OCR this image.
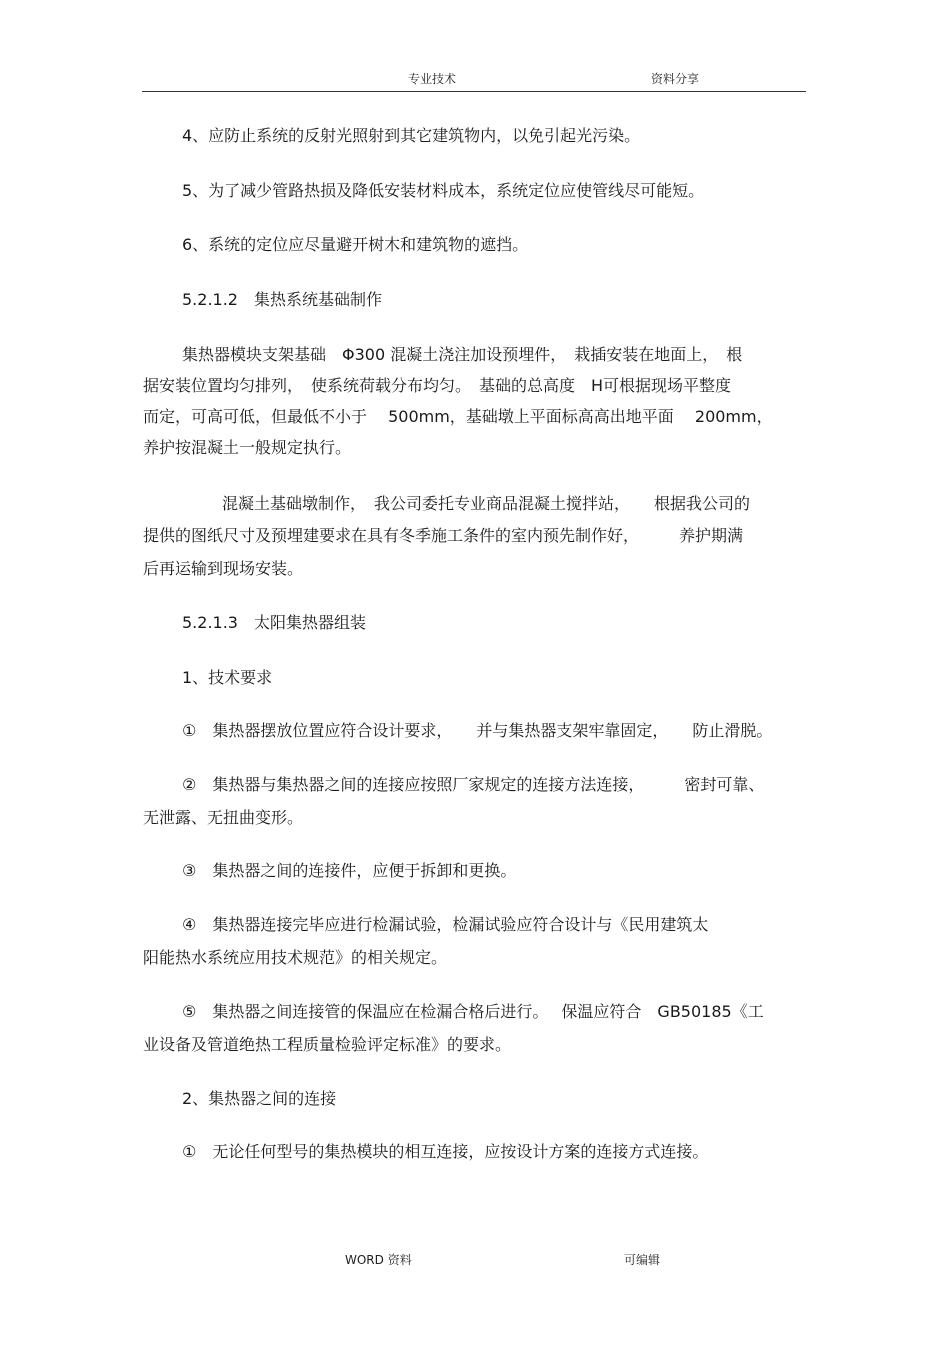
专业技术	资料分享
4、应防止系统的反射光照射到其它建筑物内，以免引起光污染。
5、为了减少管路热损及降低安装材料成本，系统定位应使管线尽可能短。
6、系统的定位应尽量避开树木和建筑物的遮挡。
5.2.1.2　集热系统基础制作
集热器模块支架基础　Φ300 混凝土浇注加设预埋件，　栽插安装在地面上，　根
据安装位置均匀排列，　使系统荷载分布均匀。　基础的总高度　H可根据现场平整度
而定，可高可低，但最低不小于　 500mm，基础墩上平面标高高出地平面　 200mm，
养护按混凝土一般规定执行。
混凝土基础墩制作，　我公司委托专业商品混凝土搅拌站，　　根据我公司的
提供的图纸尺寸及预埋建要求在具有冬季施工条件的室内预先制作好，　　　养护期满
后再运输到现场安装。
5.2.1.3　太阳集热器组装
1、技术要求
①　集热器摆放位置应符合设计要求，　　并与集热器支架牢靠固定，　　防止滑脱。
②　集热器与集热器之间的连接应按照厂家规定的连接方法连接，　　　密封可靠、
无泄露、无扭曲变形。
③　集热器之间的连接件，应便于拆卸和更换。
④　集热器连接完毕应进行检漏试验，检漏试验应符合设计与《民用建筑太
阳能热水系统应用技术规范》的相关规定。
⑤　集热器之间连接管的保温应在检漏合格后进行。　 保温应符合　GB50185《工
业设备及管道绝热工程质量检验评定标准》的要求。
2、集热器之间的连接
①　无论任何型号的集热模块的相互连接，应按设计方案的连接方式连接。
WORD 资料	可编辑
